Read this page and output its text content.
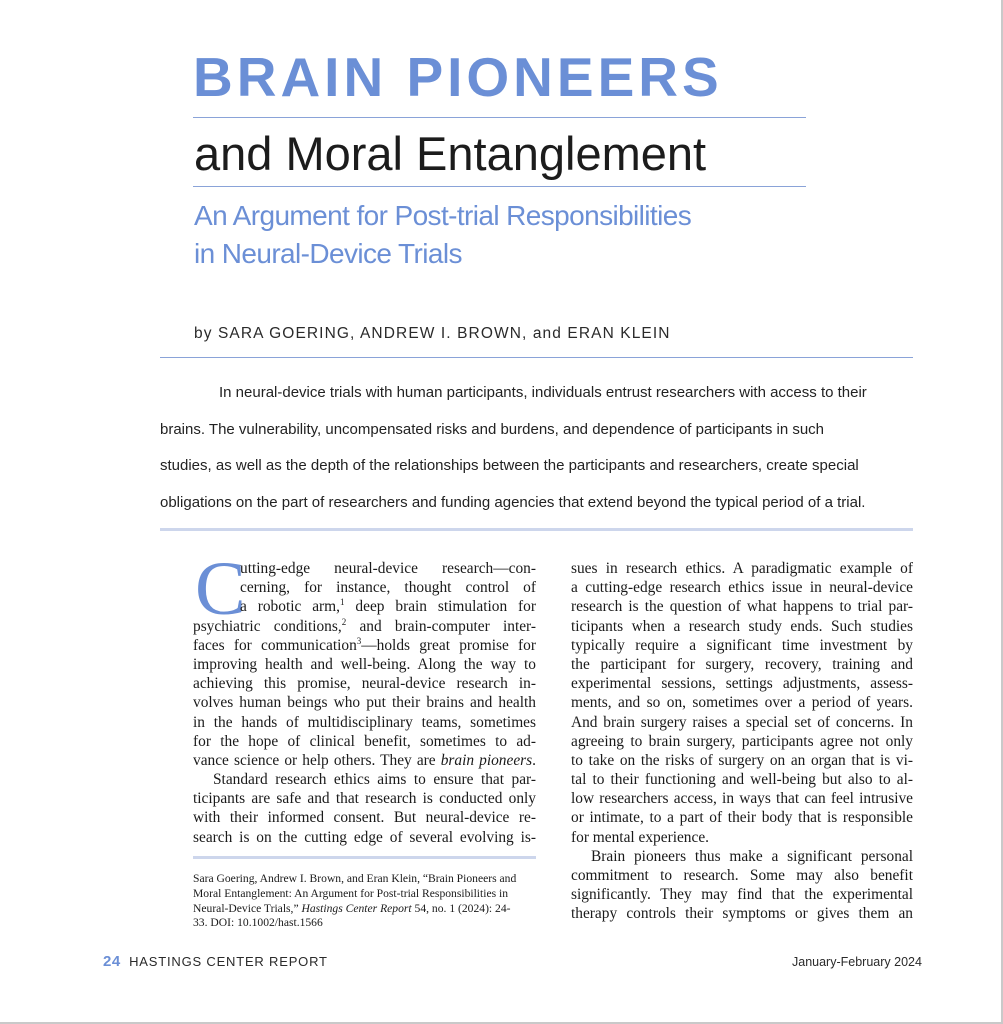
BRAIN PIONEERS
and Moral Entanglement
An Argument for Post-trial Responsibilities
in Neural-Device Trials
by SARA GOERING, ANDREW I. BROWN, and ERAN KLEIN
In neural-device trials with human participants, individuals entrust researchers with access to their
brains. The vulnerability, uncompensated risks and burdens, and dependence of participants in such
studies, as well as the depth of the relationships between the participants and researchers, create special
obligations on the part of researchers and funding agencies that extend beyond the typical period of a trial.
C
utting-edge neural-device research—con-
cerning, for instance, thought control of
a robotic arm,$^1$ deep brain stimulation for
psychiatric conditions,$^2$ and brain-computer inter-
faces for communication$^3$—holds great promise for
improving health and well-being. Along the way to
achieving this promise, neural-device research in-
volves human beings who put their brains and health
in the hands of multidisciplinary teams, sometimes
for the hope of clinical benefit, sometimes to ad-
vance science or help others. They are brain pioneers.
Standard research ethics aims to ensure that par-
ticipants are safe and that research is conducted only
with their informed consent. But neural-device re-
search is on the cutting edge of several evolving is-
Sara Goering, Andrew I. Brown, and Eran Klein, “Brain Pioneers and
Moral Entanglement: An Argument for Post-trial Responsibilities in
Neural-Device Trials,” Hastings Center Report 54, no. 1 (2024): 24-
33. DOI: 10.1002/hast.1566
sues in research ethics. A paradigmatic example of
a cutting-edge research ethics issue in neural-device
research is the question of what happens to trial par-
ticipants when a research study ends. Such studies
typically require a significant time investment by
the participant for surgery, recovery, training and
experimental sessions, settings adjustments, assess-
ments, and so on, sometimes over a period of years.
And brain surgery raises a special set of concerns. In
agreeing to brain surgery, participants agree not only
to take on the risks of surgery on an organ that is vi-
tal to their functioning and well-being but also to al-
low researchers access, in ways that can feel intrusive
or intimate, to a part of their body that is responsible
for mental experience.
Brain pioneers thus make a significant personal
commitment to research. Some may also benefit
significantly. They may find that the experimental
therapy controls their symptoms or gives them an
24 HASTINGS CENTER REPORT	January-February 2024
